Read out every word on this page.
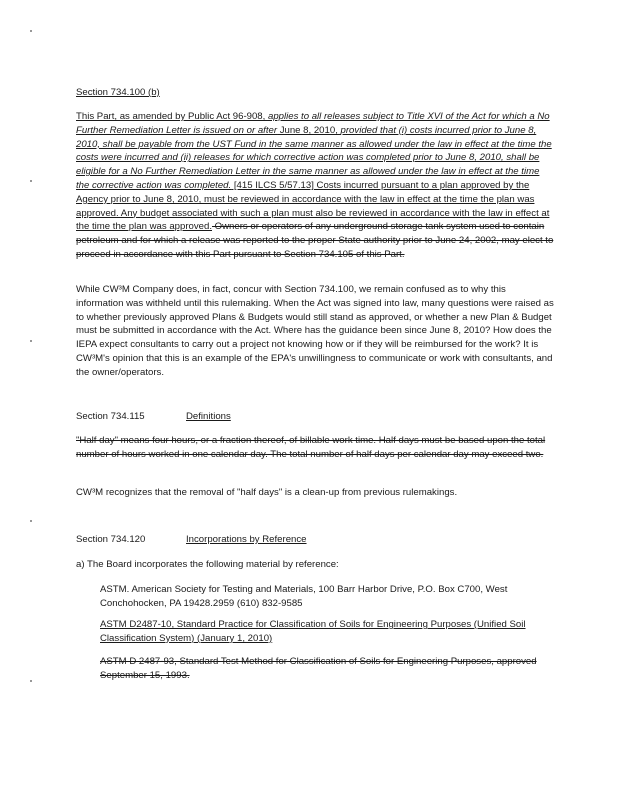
Section 734.100 (b)
This Part, as amended by Public Act 96-908, applies to all releases subject to Title XVI of the Act for which a No Further Remediation Letter is issued on or after June 8, 2010, provided that (i) costs incurred prior to June 8, 2010, shall be payable from the UST Fund in the same manner as allowed under the law in effect at the time the costs were incurred and (ii) releases for which corrective action was completed prior to June 8, 2010, shall be eligible for a No Further Remediation Letter in the same manner as allowed under the law in effect at the time the corrective action was completed. [415 ILCS 5/57.13] Costs incurred pursuant to a plan approved by the Agency prior to June 8, 2010, must be reviewed in accordance with the law in effect at the time the plan was approved. Any budget associated with such a plan must also be reviewed in accordance with the law in effect at the time the plan was approved. Owners or operators of any underground storage tank system used to contain petroleum and for which a release was reported to the proper State authority prior to June 24, 2002, may elect to proceed in accordance with this Part pursuant to Section 734.105 of this Part.
While CW³M Company does, in fact, concur with Section 734.100, we remain confused as to why this information was withheld until this rulemaking. When the Act was signed into law, many questions were raised as to whether previously approved Plans & Budgets would still stand as approved, or whether a new Plan & Budget must be submitted in accordance with the Act. Where has the guidance been since June 8, 2010? How does the IEPA expect consultants to carry out a project not knowing how or if they will be reimbursed for the work? It is CW³M's opinion that this is an example of the EPA's unwillingness to communicate or work with consultants, and the owner/operators.
Section 734.115	Definitions
"Half day" means four hours, or a fraction thereof, of billable work time. Half days must be based upon the total number of hours worked in one calendar day. The total number of half days per calendar day may exceed two.
CW³M recognizes that the removal of "half days" is a clean-up from previous rulemakings.
Section 734.120	Incorporations by Reference
a) The Board incorporates the following material by reference:
ASTM. American Society for Testing and Materials, 100 Barr Harbor Drive, P.O. Box C700, West Conchohocken, PA 19428.2959 (610) 832-9585
ASTM D2487-10, Standard Practice for Classification of Soils for Engineering Purposes (Unified Soil Classification System) (January 1, 2010)
ASTM D 2487-93, Standard Test Method for Classification of Soils for Engineering Purposes, approved September 15, 1993.
